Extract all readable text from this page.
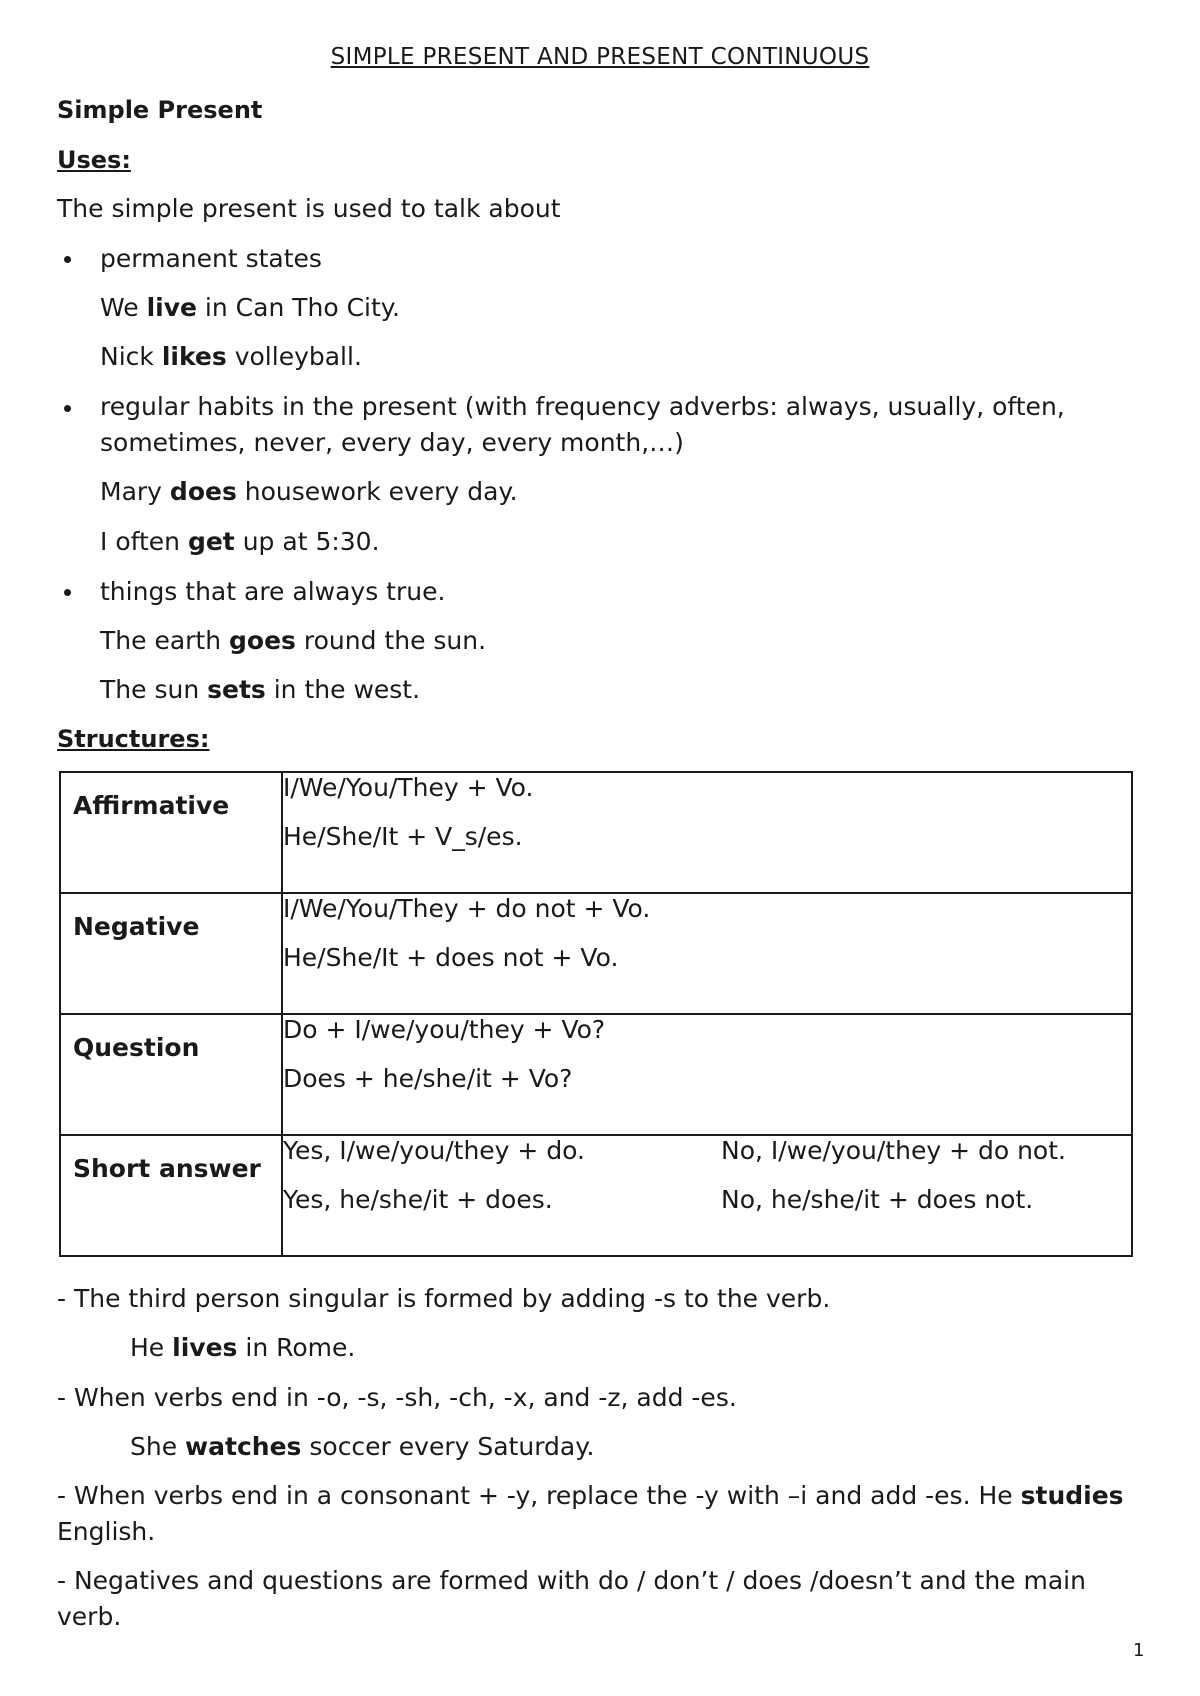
SIMPLE PRESENT AND PRESENT CONTINUOUS
Simple Present
Uses:
The simple present is used to talk about
permanent states
We live in Can Tho City.
Nick likes volleyball.
regular habits in the present (with frequency adverbs: always, usually, often,
sometimes, never, every day, every month,…)
Mary does housework every day.
I often get up at 5:30.
things that are always true.
The earth goes round the sun.
The sun sets in the west.
Structures:
Affirmative	I/We/You/They + Vo.
He/She/It + V_s/es.

Negative	I/We/You/They + do not + Vo.
He/She/It + does not + Vo.

Question	Do + I/we/you/they + Vo?
Does + he/she/it + Vo?

Short answer	Yes, I/we/you/they + do. No, I/we/you/they + do not.
Yes, he/she/it + does. No, he/she/it + does not.
- The third person singular is formed by adding -s to the verb.
He lives in Rome.
- When verbs end in -o, -s, -sh, -ch, -x, and -z, add -es.
She watches soccer every Saturday.
- When verbs end in a consonant + -y, replace the -y with –i and add -es. He studies
English.
- Negatives and questions are formed with do / don’t / does /doesn’t and the main
verb.
1
